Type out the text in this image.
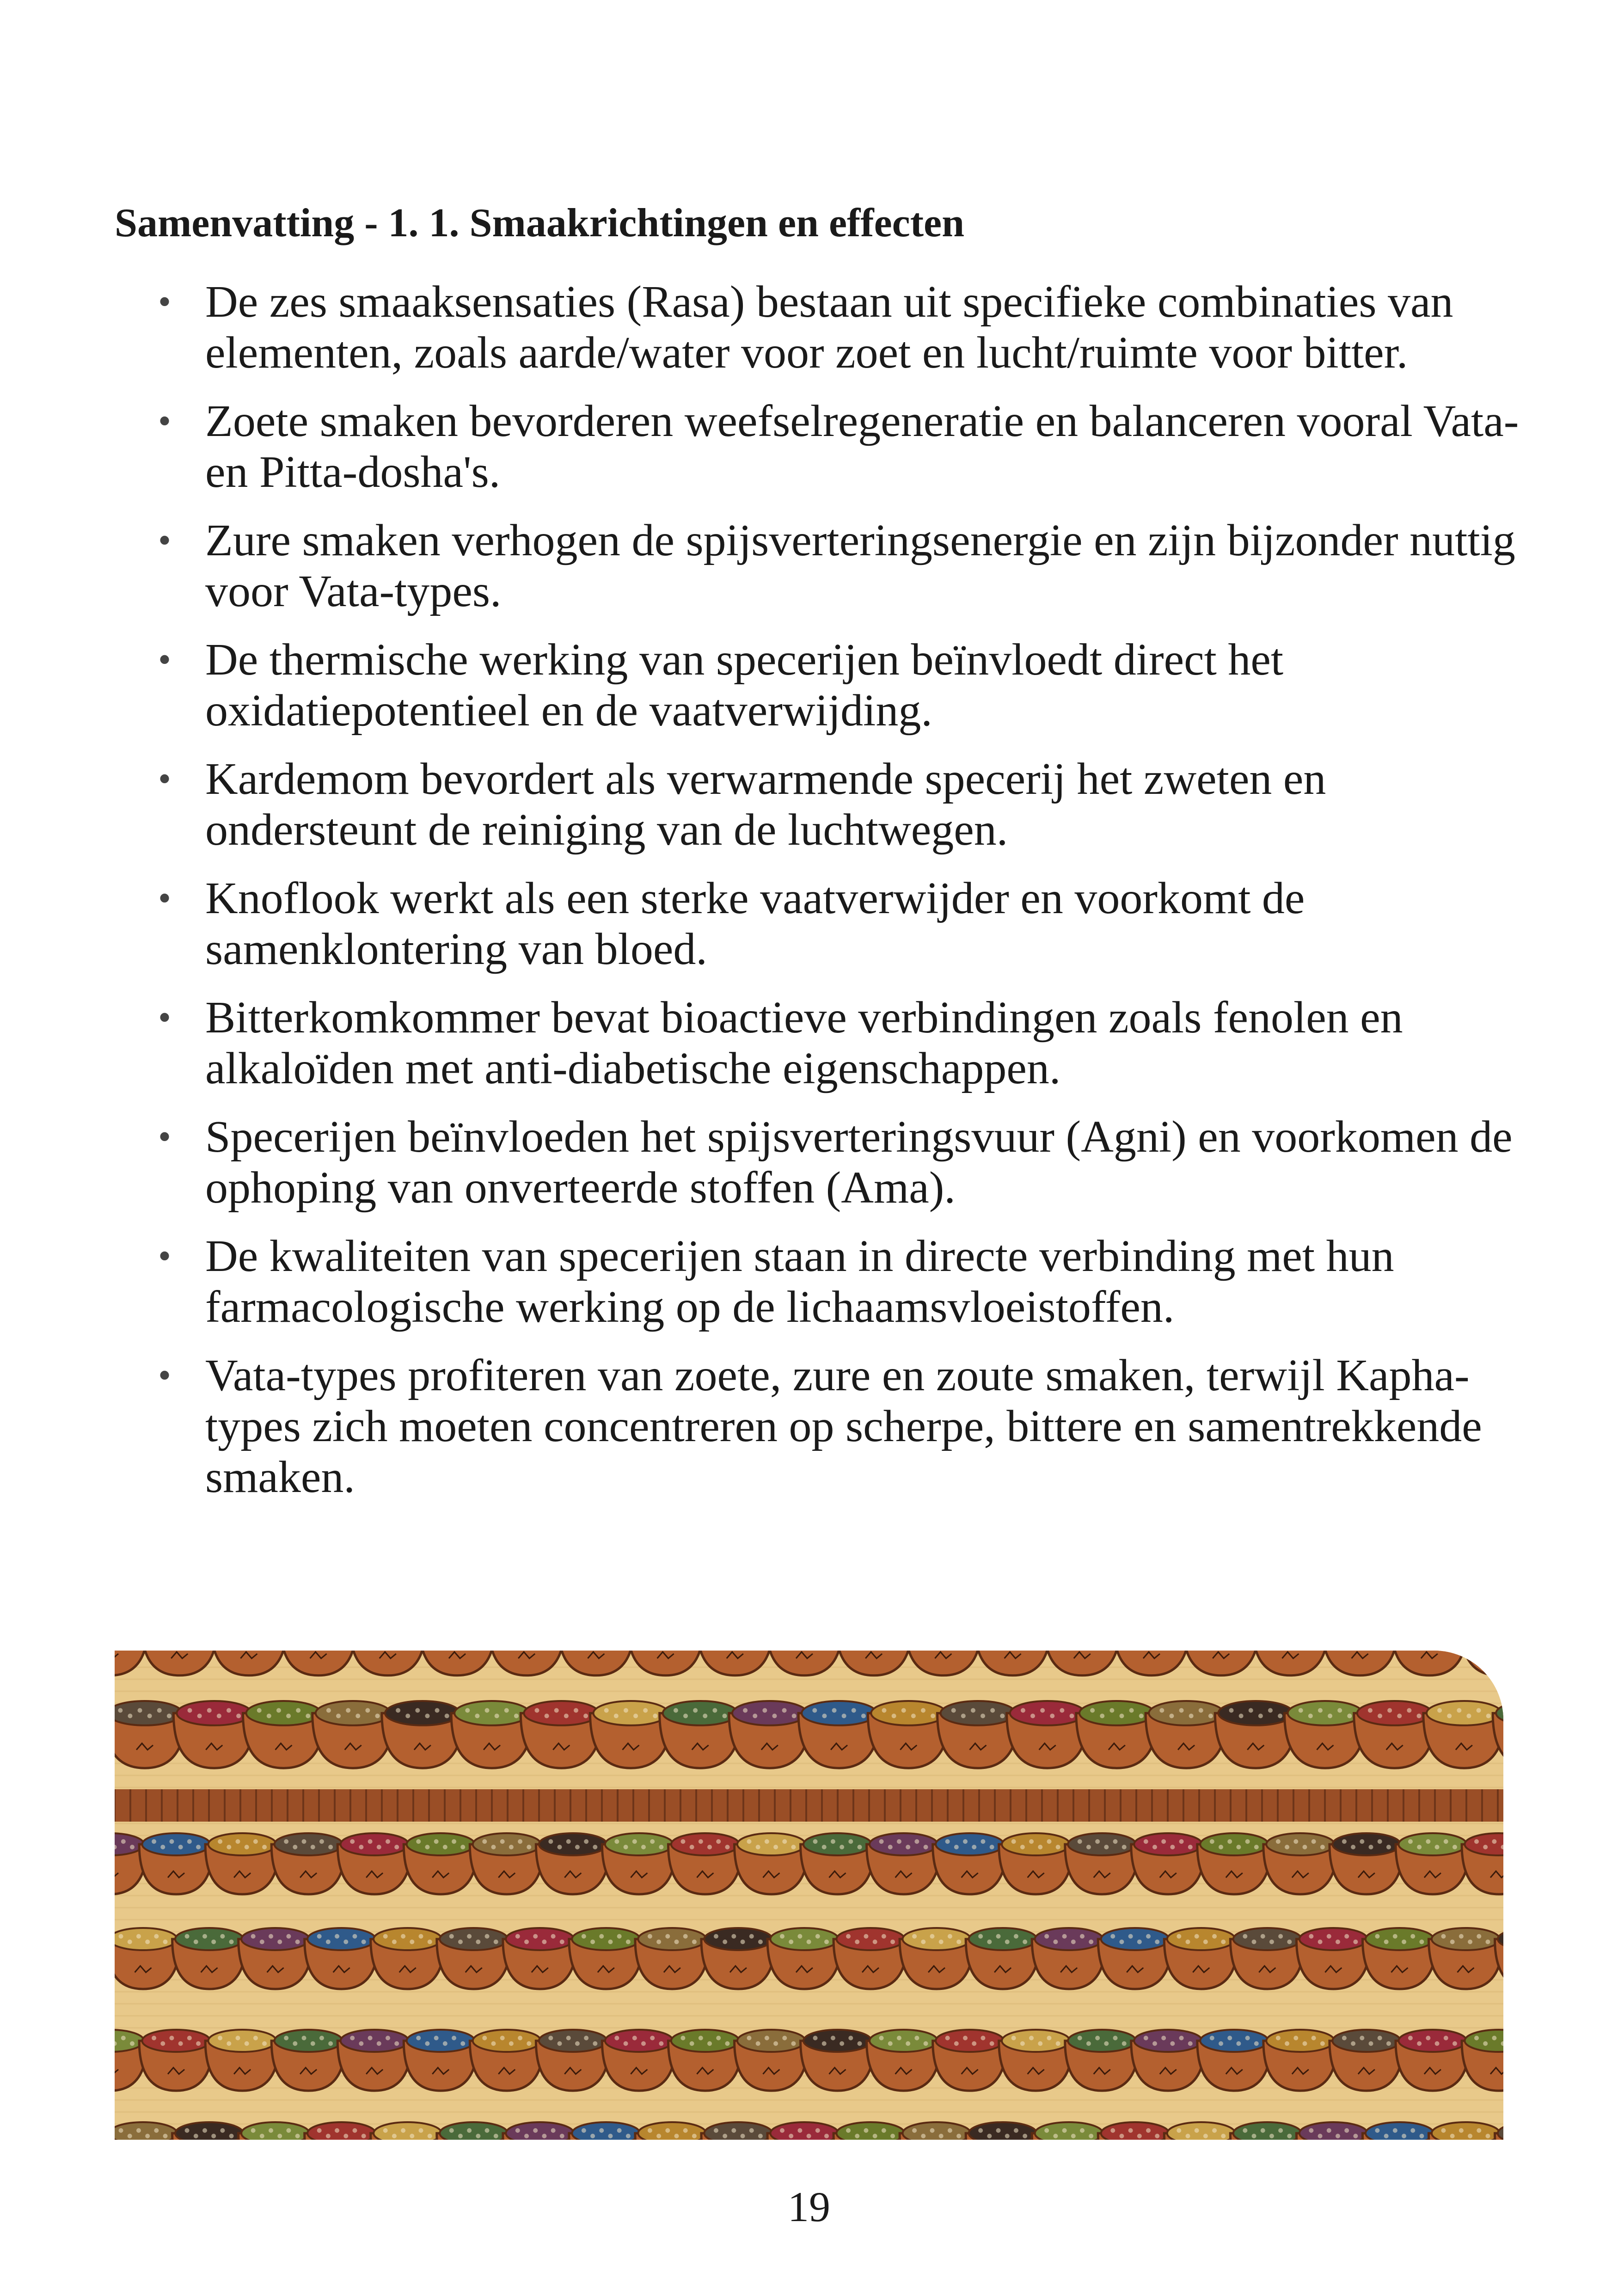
Samenvatting - 1. 1. Smaakrichtingen en effecten
• De zes smaaksensaties (Rasa) bestaan uit specifieke combinaties van elementen, zoals aarde/water voor zoet en lucht/ruimte voor bitter.
• Zoete smaken bevorderen weefselregeneratie en balanceren vooral Vata- en Pitta-dosha's.
• Zure smaken verhogen de spijsverteringsenergie en zijn bijzonder nuttig voor Vata-types.
• De thermische werking van specerijen beïnvloedt direct het oxidatiepotentieel en de vaatverwijding.
• Kardemom bevordert als verwarmende specerij het zweten en ondersteunt de reiniging van de luchtwegen.
• Knoflook werkt als een sterke vaatverwijder en voorkomt de samenklontering van bloed.
• Bitterkomkommer bevat bioactieve verbindingen zoals fenolen en alkaloïden met anti-diabetische eigenschappen.
• Specerijen beïnvloeden het spijsverteringsvuur (Agni) en voorkomen de ophoping van onverteerde stoffen (Ama).
• De kwaliteiten van specerijen staan in directe verbinding met hun farmacologische werking op de lichaamsvloeistoffen.
• Vata-types profiteren van zoete, zure en zoute smaken, terwijl Kapha-types zich moeten concentreren op scherpe, bittere en samentrekkende smaken.
19
